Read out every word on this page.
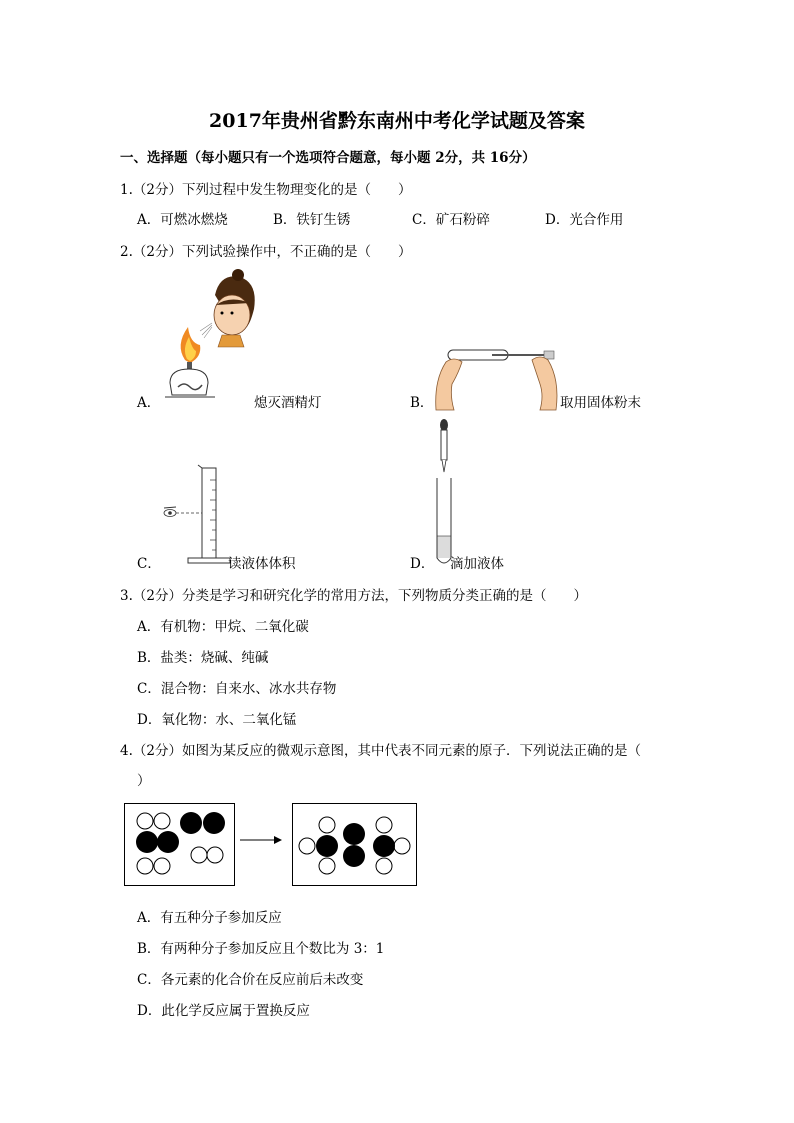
2017年贵州省黔东南州中考化学试题及答案
一、选择题（每小题只有一个选项符合题意，每小题 2分，共 16分）
1.（2分）下列过程中发生物理变化的是（　　）
A．可燃冰燃烧	B．铁钉生锈	C．矿石粉碎	D．光合作用
2.（2分）下列试验操作中，不正确的是（　　）
A．	熄灭酒精灯	B．	取用固体粉末
C．	读液体体积	D． 滴加液体
3.（2分）分类是学习和研究化学的常用方法，下列物质分类正确的是（　　）
A．有机物：甲烷、二氧化碳
B．盐类：烧碱、纯碱
C．混合物：自来水、冰水共存物
D．氧化物：水、二氧化锰
4.（2分）如图为某反应的微观示意图，其中代表不同元素的原子．下列说法正确的是（
）
A．有五种分子参加反应
B．有两种分子参加反应且个数比为 3：1
C．各元素的化合价在反应前后未改变
D．此化学反应属于置换反应
